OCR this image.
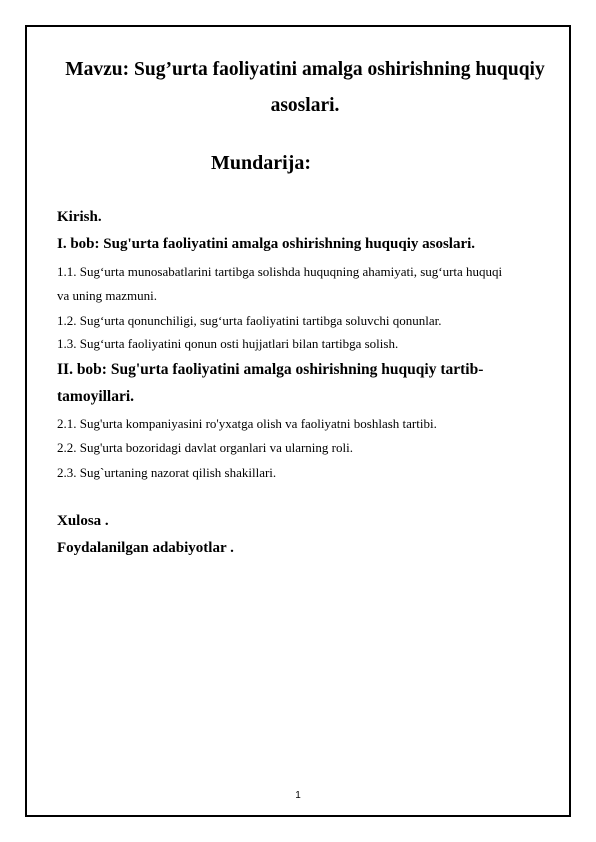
Mavzu: Sug’urta faoliyatini amalga oshirishning huquqiy
asoslari.
Mundarija:

Kirish.

I. bob: Sug'urta faoliyatini amalga oshirishning huquqiy asoslari.

1.1. Sug‘urta munosabatlarini tartibga solishda huquqning ahamiyati, sug‘urta huquqi

va uning mazmuni.

1.2. Sug‘urta qonunchiligi, sug‘urta faoliyatini tartibga soluvchi qonunlar.

1.3. Sug‘urta faoliyatini qonun osti hujjatlari bilan tartibga solish.

II. bob: Sug'urta faoliyatini amalga oshirishning huquqiy tartib-

tamoyillari.

2.1. Sug'urta kompaniyasini ro'yxatga olish va faoliyatni boshlash tartibi.

2.2. Sug'urta bozoridagi davlat organlari va ularning roli.

2.3. Sug`urtaning nazorat qilish shakillari.

Xulosa .

Foydalanilgan adabiyotlar .

1
